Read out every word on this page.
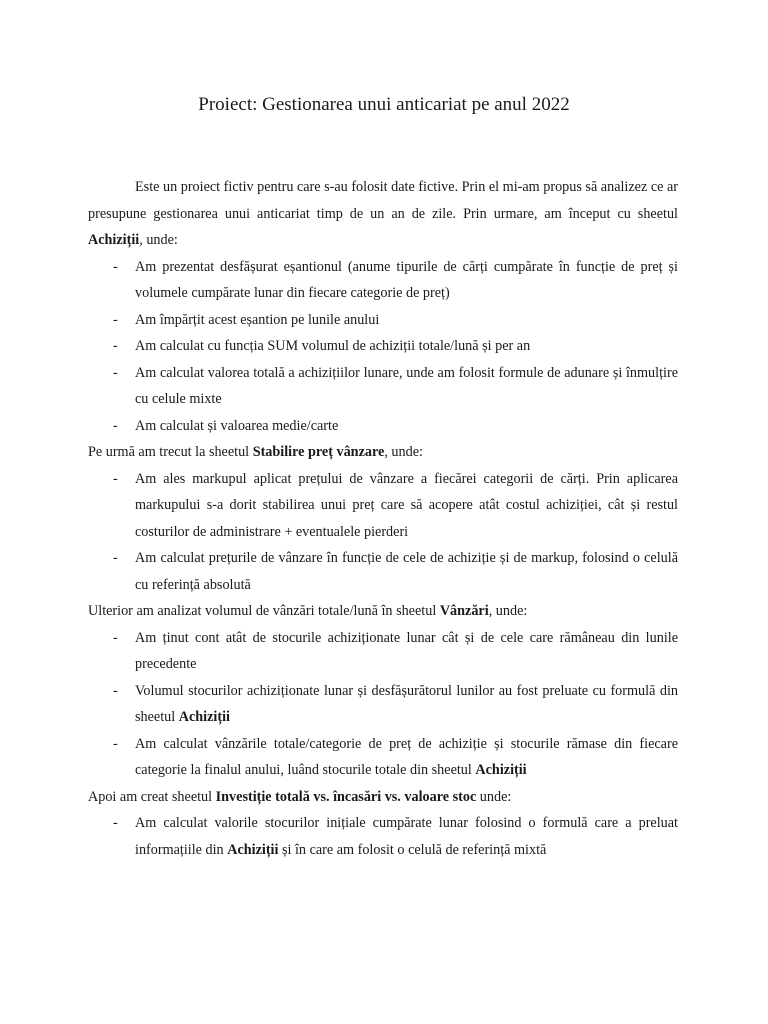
Proiect: Gestionarea unui anticariat pe anul 2022

Este un proiect fictiv pentru care s-au folosit date fictive. Prin el mi-am propus să analizez ce ar presupune gestionarea unui anticariat timp de un an de zile. Prin urmare, am început cu sheetul Achiziții, unde:

- Am prezentat desfășurat eșantionul (anume tipurile de cărți cumpărate în funcție de preț și volumele cumpărate lunar din fiecare categorie de preț)
- Am împărțit acest eșantion pe lunile anului
- Am calculat cu funcția SUM volumul de achiziții totale/lună și per an
- Am calculat valorea totală a achizițiilor lunare, unde am folosit formule de adunare și înmulțire cu celule mixte
- Am calculat și valoarea medie/carte

Pe urmă am trecut la sheetul Stabilire preț vânzare, unde:

- Am ales markupul aplicat prețului de vânzare a fiecărei categorii de cărți. Prin aplicarea markupului s-a dorit stabilirea unui preț care să acopere atât costul achiziției, cât și restul costurilor de administrare + eventualele pierderi
- Am calculat prețurile de vânzare în funcție de cele de achiziție și de markup, folosind o celulă cu referință absolută

Ulterior am analizat volumul de vânzări totale/lună în sheetul Vânzări, unde:

- Am ținut cont atât de stocurile achiziționate lunar cât și de cele care rămâneau din lunile precedente
- Volumul stocurilor achiziționate lunar și desfășurătorul lunilor au fost preluate cu formulă din sheetul Achiziții
- Am calculat vânzările totale/categorie de preț de achiziție și stocurile rămase din fiecare categorie la finalul anului, luând stocurile totale din sheetul Achiziții

Apoi am creat sheetul Investiție totală vs. încasări vs. valoare stoc unde:

- Am calculat valorile stocurilor inițiale cumpărate lunar folosind o formulă care a preluat informațiile din Achiziții și în care am folosit o celulă de referință mixtă
